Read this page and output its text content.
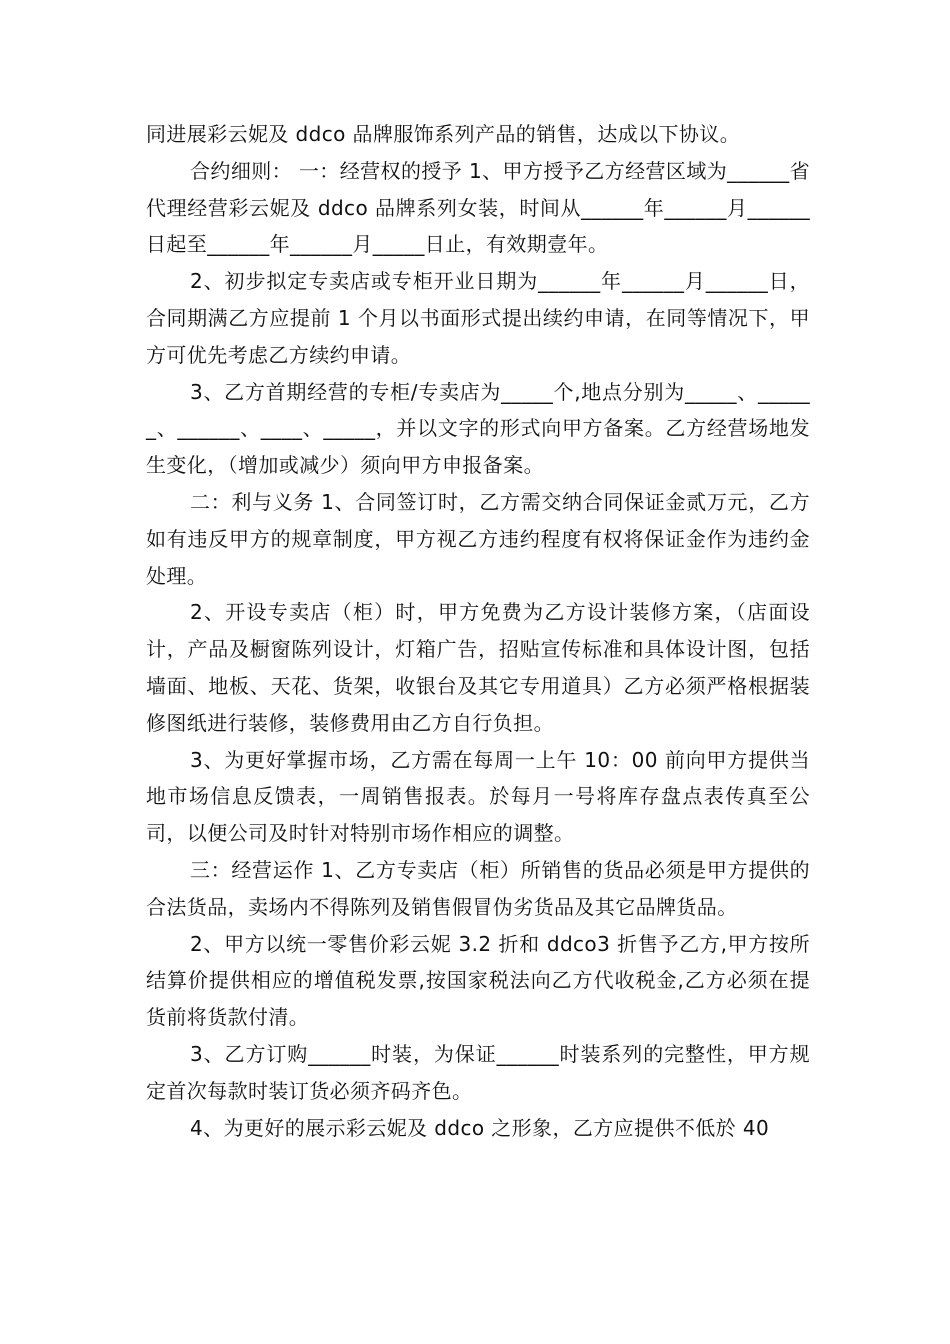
同进展彩云妮及 ddco 品牌服饰系列产品的销售，达成以下协议。

合约细则： 一：经营权的授予 1、甲方授予乙方经营区域为______省代理经营彩云妮及 ddco 品牌系列女装，时间从______年______月______日起至______年______月_____日止，有效期壹年。

2、初步拟定专卖店或专柜开业日期为______年______月______日，合同期满乙方应提前 1 个月以书面形式提出续约申请，在同等情况下，甲方可优先考虑乙方续约申请。

3、乙方首期经营的专柜/专卖店为_____个,地点分别为_____、______、______、____、_____，并以文字的形式向甲方备案。乙方经营场地发生变化，（增加或减少）须向甲方申报备案。

二：利与义务 1、合同签订时，乙方需交纳合同保证金贰万元，乙方如有违反甲方的规章制度，甲方视乙方违约程度有权将保证金作为违约金处理。

2、开设专卖店（柜）时，甲方免费为乙方设计装修方案，（店面设计，产品及橱窗陈列设计，灯箱广告，招贴宣传标准和具体设计图，包括墙面、地板、天花、货架，收银台及其它专用道具）乙方必须严格根据装修图纸进行装修，装修费用由乙方自行负担。

3、为更好掌握市场，乙方需在每周一上午 10：00 前向甲方提供当地市场信息反馈表，一周销售报表。於每月一号将库存盘点表传真至公司，以便公司及时针对特别市场作相应的调整。

三：经营运作 1、乙方专卖店（柜）所销售的货品必须是甲方提供的合法货品，卖场内不得陈列及销售假冒伪劣货品及其它品牌货品。

2、甲方以统一零售价彩云妮 3.2 折和 ddco3 折售予乙方,甲方按所结算价提供相应的增值税发票,按国家税法向乙方代收税金,乙方必须在提货前将货款付清。

3、乙方订购______时装，为保证______时装系列的完整性，甲方规定首次每款时装订货必须齐码齐色。

4、为更好的展示彩云妮及 ddco 之形象，乙方应提供不低於 40
